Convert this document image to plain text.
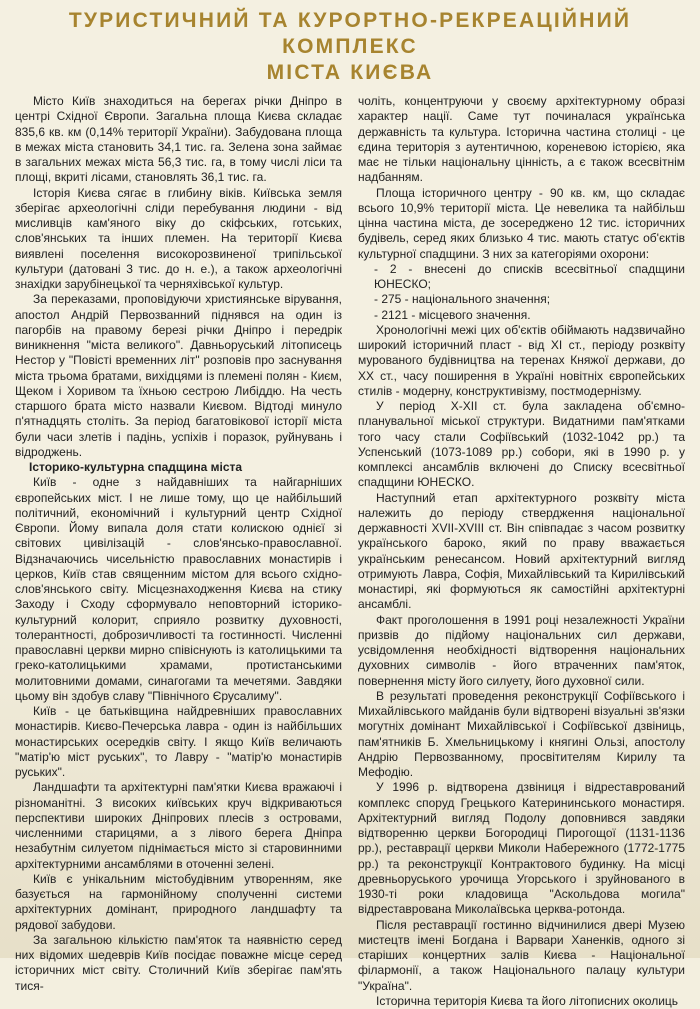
ТУРИСТИЧНИЙ ТА КУРОРТНО-РЕКРЕАЦІЙНИЙ КОМПЛЕКС
МІСТА КИЄВА

Місто Київ знаходиться на берегах річки Дніпро в центрі Східної Європи. Загальна площа Києва складає 835,6 кв. км (0,14% території України). Забудована площа в межах міста становить 34,1 тис. га. Зелена зона займає в загальних межах міста 56,3 тис. га, в тому числі ліси та площі, вкриті лісами, становлять 36,1 тис. га.

Історія Києва сягає в глибину віків. Київська земля зберігає археологічні сліди перебування людини - від мисливців кам'яного віку до скіфських, готських, слов'янських та інших племен. На території Києва виявлені поселення високорозвиненої трипільської культури (датовані 3 тис. до н. е.), а також археологічні знахідки зарубінецької та черняхівської культур.

За переказами, проповідуючи християнське вірування, апостол Андрій Первозванний піднявся на один із пагорбів на правому березі річки Дніпро і передрік виникнення "міста великого". Давньоруський літописець Нестор у "Повісті временних літ" розповів про заснування міста трьома братами, вихідцями із племені полян - Києм, Щеком і Хоривом та їхньою сестрою Либіддю. На честь старшого брата місто назвали Києвом. Відтоді минуло п'ятнадцять століть. За період багатовікової історії міста були часи злетів і падінь, успіхів і поразок, руйнувань і відроджень.

Історико-культурна спадщина міста

Київ - одне з найдавніших та найгарніших європейських міст. І не лише тому, що це найбільший політичний, економічний і культурний центр Східної Європи. Йому випала доля стати колискою однієї зі світових цивілізацій - слов'янсько-православної. Відзначаючись чисельністю православних монастирів і церков, Київ став священним містом для всього східно-слов'янського світу. Місцезнаходження Києва на стику Заходу і Сходу сформувало неповторний історико-культурний колорит, сприяло розвитку духовності, толерантності, доброзичливості та гостинності. Численні православні церкви мирно співіснують із католицькими та греко-католицькими храмами, протистанськими молитовними домами, синагогами та мечетями. Завдяки цьому він здобув славу "Північного Єрусалиму".

Київ - це батьківщина найдревніших православних монастирів. Києво-Печерська лавра - один із найбільших монастирських осередків світу. І якщо Київ величають "матір'ю міст руських", то Лавру - "матір'ю монастирів руських".

Ландшафти та архітектурні пам'ятки Києва вражаючі і різноманітні. З високих київських круч відкриваються перспективи широких Дніпрових плесів з островами, численними старицями, а з лівого берега Дніпра незабутнім силуетом піднімається місто зі старовинними архітектурними ансамблями в оточенні зелені.

Київ є унікальним містобудівним утворенням, яке базується на гармонійному сполученні системи архітектурних домінант, природного ландшафту та рядової забудови.

За загальною кількістю пам'яток та наявністю серед них відомих шедеврів Київ посідає поважне місце серед історичних міст світу. Столичний Київ зберігає пам'ять тися-

чоліть, концентруючи у своєму архітектурному образі характер нації. Саме тут починалася українська державність та культура. Історична частина столиці - це єдина територія з аутентичною, кореневою історією, яка має не тільки національну цінність, а є також всесвітнім надбанням.

Площа історичного центру - 90 кв. км, що складає всього 10,9% території міста. Це невелика та найбільш цінна частина міста, де зосереджено 12 тис. історичних будівель, серед яких близько 4 тис. мають статус об'єктів культурної спадщини. З них за категоріями охорони:

- 2 - внесені до списків всесвітньої спадщини ЮНЕСКО;

- 275 - національного значення;

- 2121 - місцевого значення.

Хронологічні межі цих об'єктів обіймають надзвичайно широкий історичний пласт - від XI ст., періоду розквіту мурованого будівництва на теренах Княжої держави, до XX ст., часу поширення в Україні новітніх європейських стилів - модерну, конструктивізму, постмодернізму.

У період X-XII ст. була закладена об'ємно-планувальної міської структури. Видатними пам'ятками того часу стали Софіївський (1032-1042 рр.) та Успенський (1073-1089 рр.) собори, які в 1990 р. у комплексі ансамблів включені до Списку всесвітньої спадщини ЮНЕСКО.

Наступний етап архітектурного розквіту міста належить до періоду ствердження національної державності XVII-XVIII ст. Він співпадає з часом розвитку українського бароко, який по праву вважається українським ренесансом. Новий архітектурний вигляд отримують Лавра, Софія, Михайлівський та Кирилівський монастирі, які формуються як самостійні архітектурні ансамблі.

Факт проголошення в 1991 році незалежності України призвів до підйому національних сил держави, усвідомлення необхідності відтворення національних духовних символів - його втраченних пам'яток, повернення місту його силуету, його духовної сили.

В результаті проведення реконструкції Софіївського і Михайлівського майданів були відтворені візуальні зв'язки могутніх домінант Михайлівської і Софіївської дзвіниць, пам'ятників Б. Хмельницькому і княгині Ользі, апостолу Андрію Первозванному, просвітителям Кирилу та Мефодію.

У 1996 р. відтворена дзвіниця і відреставрований комплекс споруд Грецького Катерининського монастиря. Архітектурний вигляд Подолу доповнився завдяки відтворенню церкви Богородиці Пирогощої (1131-1136 рр.), реставрації церкви Миколи Набережного (1772-1775 рр.) та реконструкції Контрактового будинку. На місці древньоруського урочища Угорського і зруйнованого в 1930-ті роки кладовища "Аскольдова могила" відреставрована Миколаївська церква-ротонда.

Після реставрації гостинно відчинилися двері Музею мистецтв імені Богдана і Варвари Ханенків, одного зі старіших концертних залів Києва - Національної філармонії, а також Національного палацу культури "Україна".

Історична територія Києва та його літописних околиць
